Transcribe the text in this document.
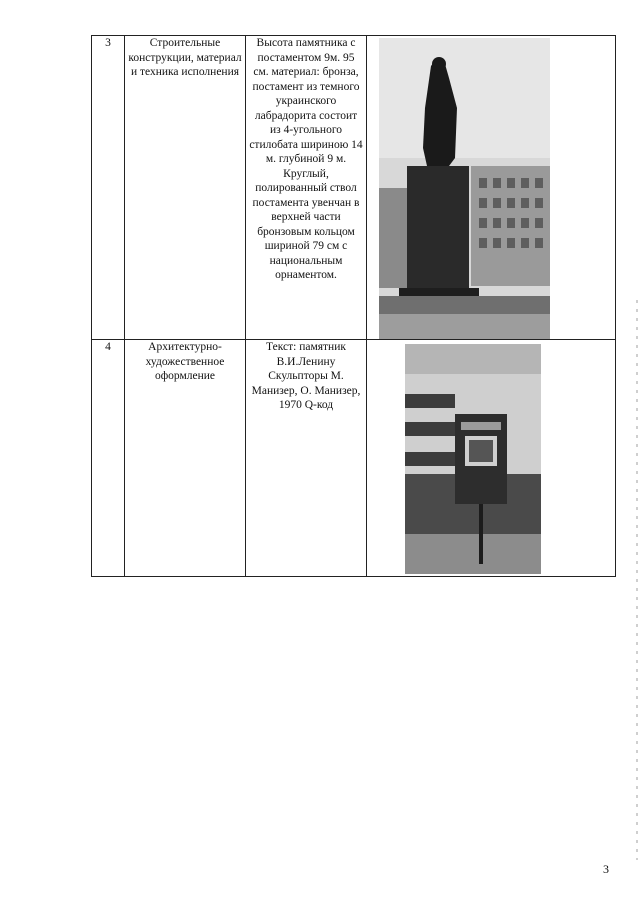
3	Строительные конструкции, материал и техника исполнения	Высота памятника с постаментом 9м. 95 см. материал: бронза, постамент из темного украинского лабрадорита состоит из 4-угольного стилобата шириною 14 м. глубиной 9 м. Круглый, полированный ствол постамента увенчан в верхней части бронзовым кольцом шириной 79 см с национальным орнаментом.

4	Архитектурно-художественное оформление	Текст: памятник В.И.Ленину Скульпторы М. Манизер, О. Манизер, 1970 Q-код

3
